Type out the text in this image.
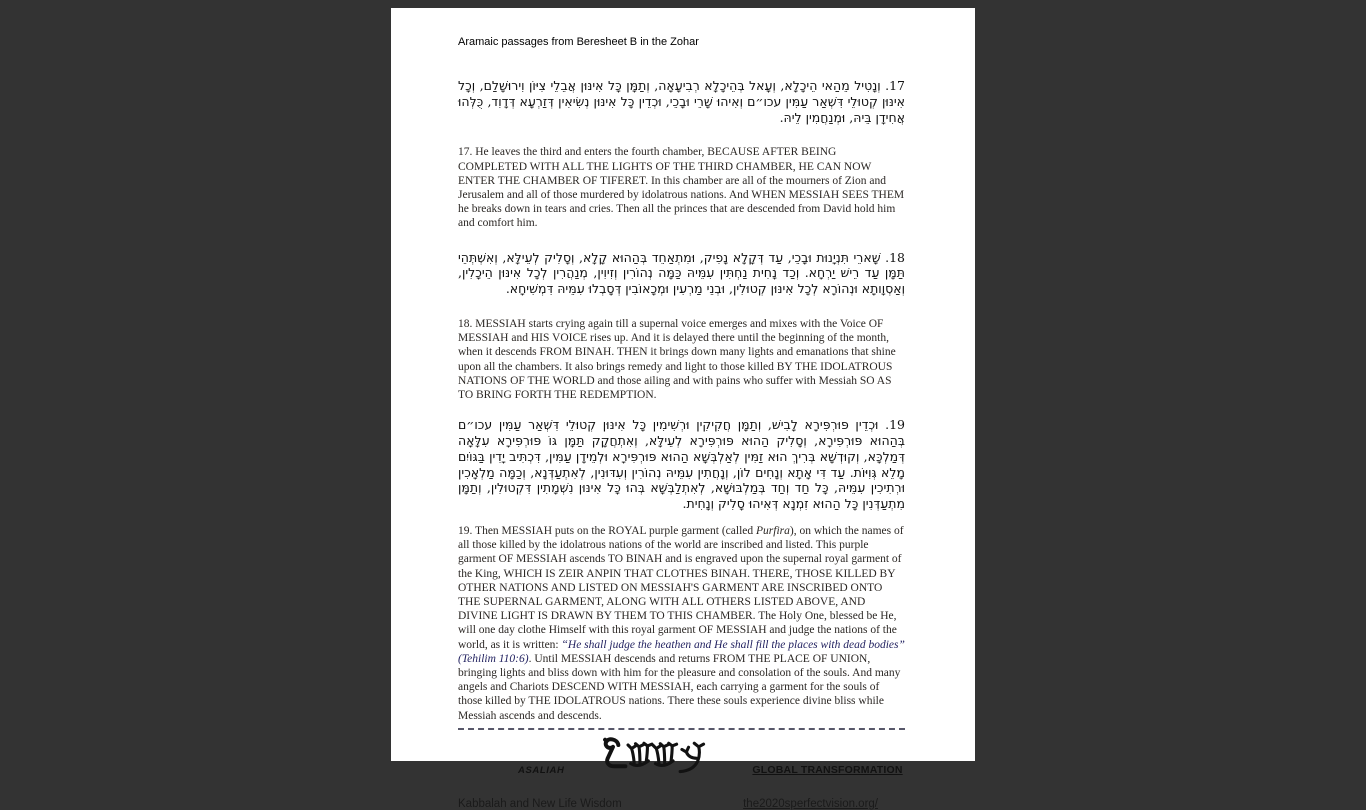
Aramaic passages from Beresheet B in the Zohar

17. וְנָטִיל מֵהַאי הֵיכָלָא, וְעָאל בְּהֵיכָלָא רְבִיעָאָה, וְתַמָּן כָּל אִינּוּן אֲבֵלֵי צִיּוֹן וִירוּשָׁלַם, וְכָל אִינּוּן קְטוּלֵי דִּשְׁאַר עַמִּין עכו״ם וְאִיהוּ שָׁרֵי וּבָכֵי, וּכְדֵין כָּל אִינּוּן נְשִׂיאִין דְּזַרְעָא דְּדָוִד, כֻּלְּהוּ אֲחִידָן בֵּיהּ, וּמְנַחֲמִין לֵיהּ.

17. He leaves the third and enters the fourth chamber, BECAUSE AFTER BEING COMPLETED WITH ALL THE LIGHTS OF THE THIRD CHAMBER, HE CAN NOW ENTER THE CHAMBER OF TIFERET. In this chamber are all of the mourners of Zion and Jerusalem and all of those murdered by idolatrous nations. And WHEN MESSIAH SEES THEM he breaks down in tears and cries. Then all the princes that are descended from David hold him and comfort him.

18. שָׁארֵי תִּנְיָנוּת וּבָכֵי, עַד דְּקָלָא נָפִיק, וּמִתְאַחֵד בְּהַהוּא קָלָא, וְסָלִיק לְעֵילָּא, וְאִשְׁתְּהֵי תַּמָּן עַד רֵישׁ יַרְחָא. וְכַד נָחִית נַחְתִּין עִמֵּיהּ כַּמָּה נְהוֹרִין וְזִיוִין, מְנַהֲרִין לְכָל אִינּוּן הֵיכָלִין, וְאַסְוָותָא וּנְהוֹרָא לְכָל אִינּוּן קְטוּלִין, וּבְנֵי מַרְעִין וּמְכָאוֹבִין דְּסָבְלוּ עִמֵּיהּ דִּמְשִׁיחָא.

18. MESSIAH starts crying again till a supernal voice emerges and mixes with the Voice OF MESSIAH and HIS VOICE rises up. And it is delayed there until the beginning of the month, when it descends FROM BINAH. THEN it brings down many lights and emanations that shine upon all the chambers. It also brings remedy and light to those killed BY THE IDOLATROUS NATIONS OF THE WORLD and those ailing and with pains who suffer with Messiah SO AS TO BRING FORTH THE REDEMPTION.

19. וּכְדֵין פּוּרְפִּירָא לָבִישׁ, וְתַמָּן חֲקִיקִין וּרְשִׁימִין כָּל אִינּוּן קְטוּלֵי דִּשְׁאַר עַמִּין עכו״ם בְּהַהוּא פּוּרְפִּירָא, וְסָלִיק הַהוּא פּוּרְפִּירָא לְעֵילָּא, וְאִתְחֲקָק תַּמָּן גּוֹ פּוּרְפִּירָא עִלָּאָה דְּמַלְכָּא, וְקוּדְשָׁא בְּרִיךְ הוּא זַמִּין לְאַלְבְּשָׁא הַהוּא פּוּרְפִּירָא וּלְמֵידָן עַמִּין, דִּכְתִּיב יָדִין בַּגּוֹיִם מָלֵא גְּוִיּוֹת. עַד דִּי אָתָא וְנָחִים לוֹן, וְנָחֲתִין עִמֵּיהּ נְהוֹרִין וְעִדּוּנִין, לְאִתְעַדְּנָא, וְכַמָּה מַלְאָכִין וּרְתִיכִין עִמֵּיהּ, כָּל חַד וְחַד בְּמַלְבּוּשָׁא, לְאִתְלַבְּשָׁא בְּהוּ כָּל אִינּוּן נִשְׁמָתִין דִּקְטוּלִין, וְתַמָּן מִתְעַדְּנִין כָּל הַהוּא זִמְנָא דְּאִיהוּ סָלִיק וְנָחִית.

19. Then MESSIAH puts on the ROYAL purple garment (called Purfira), on which the names of all those killed by the idolatrous nations of the world are inscribed and listed. This purple garment OF MESSIAH ascends TO BINAH and is engraved upon the supernal royal garment of the King, WHICH IS ZEIR ANPIN THAT CLOTHES BINAH. THERE, THOSE KILLED BY OTHER NATIONS AND LISTED ON MESSIAH'S GARMENT ARE INSCRIBED ONTO THE SUPERNAL GARMENT, ALONG WITH ALL OTHERS LISTED ABOVE, AND DIVINE LIGHT IS DRAWN BY THEM TO THIS CHAMBER. The Holy One, blessed be He, will one day clothe Himself with this royal garment OF MESSIAH and judge the nations of the world, as it is written: “He shall judge the heathen and He shall fill the places with dead bodies” (Tehilim 110:6). Until MESSIAH descends and returns FROM THE PLACE OF UNION, bringing lights and bliss down with him for the pleasure and consolation of the souls. And many angels and Chariots DESCEND WITH MESSIAH, each carrying a garment for the souls of those killed by THE IDOLATROUS nations. There these souls experience divine bliss while Messiah ascends and descends.

ASALIAH	GLOBAL TRANSFORMATION
Kabbalah and New Life Wisdom	the2020sperfectvision.org/
